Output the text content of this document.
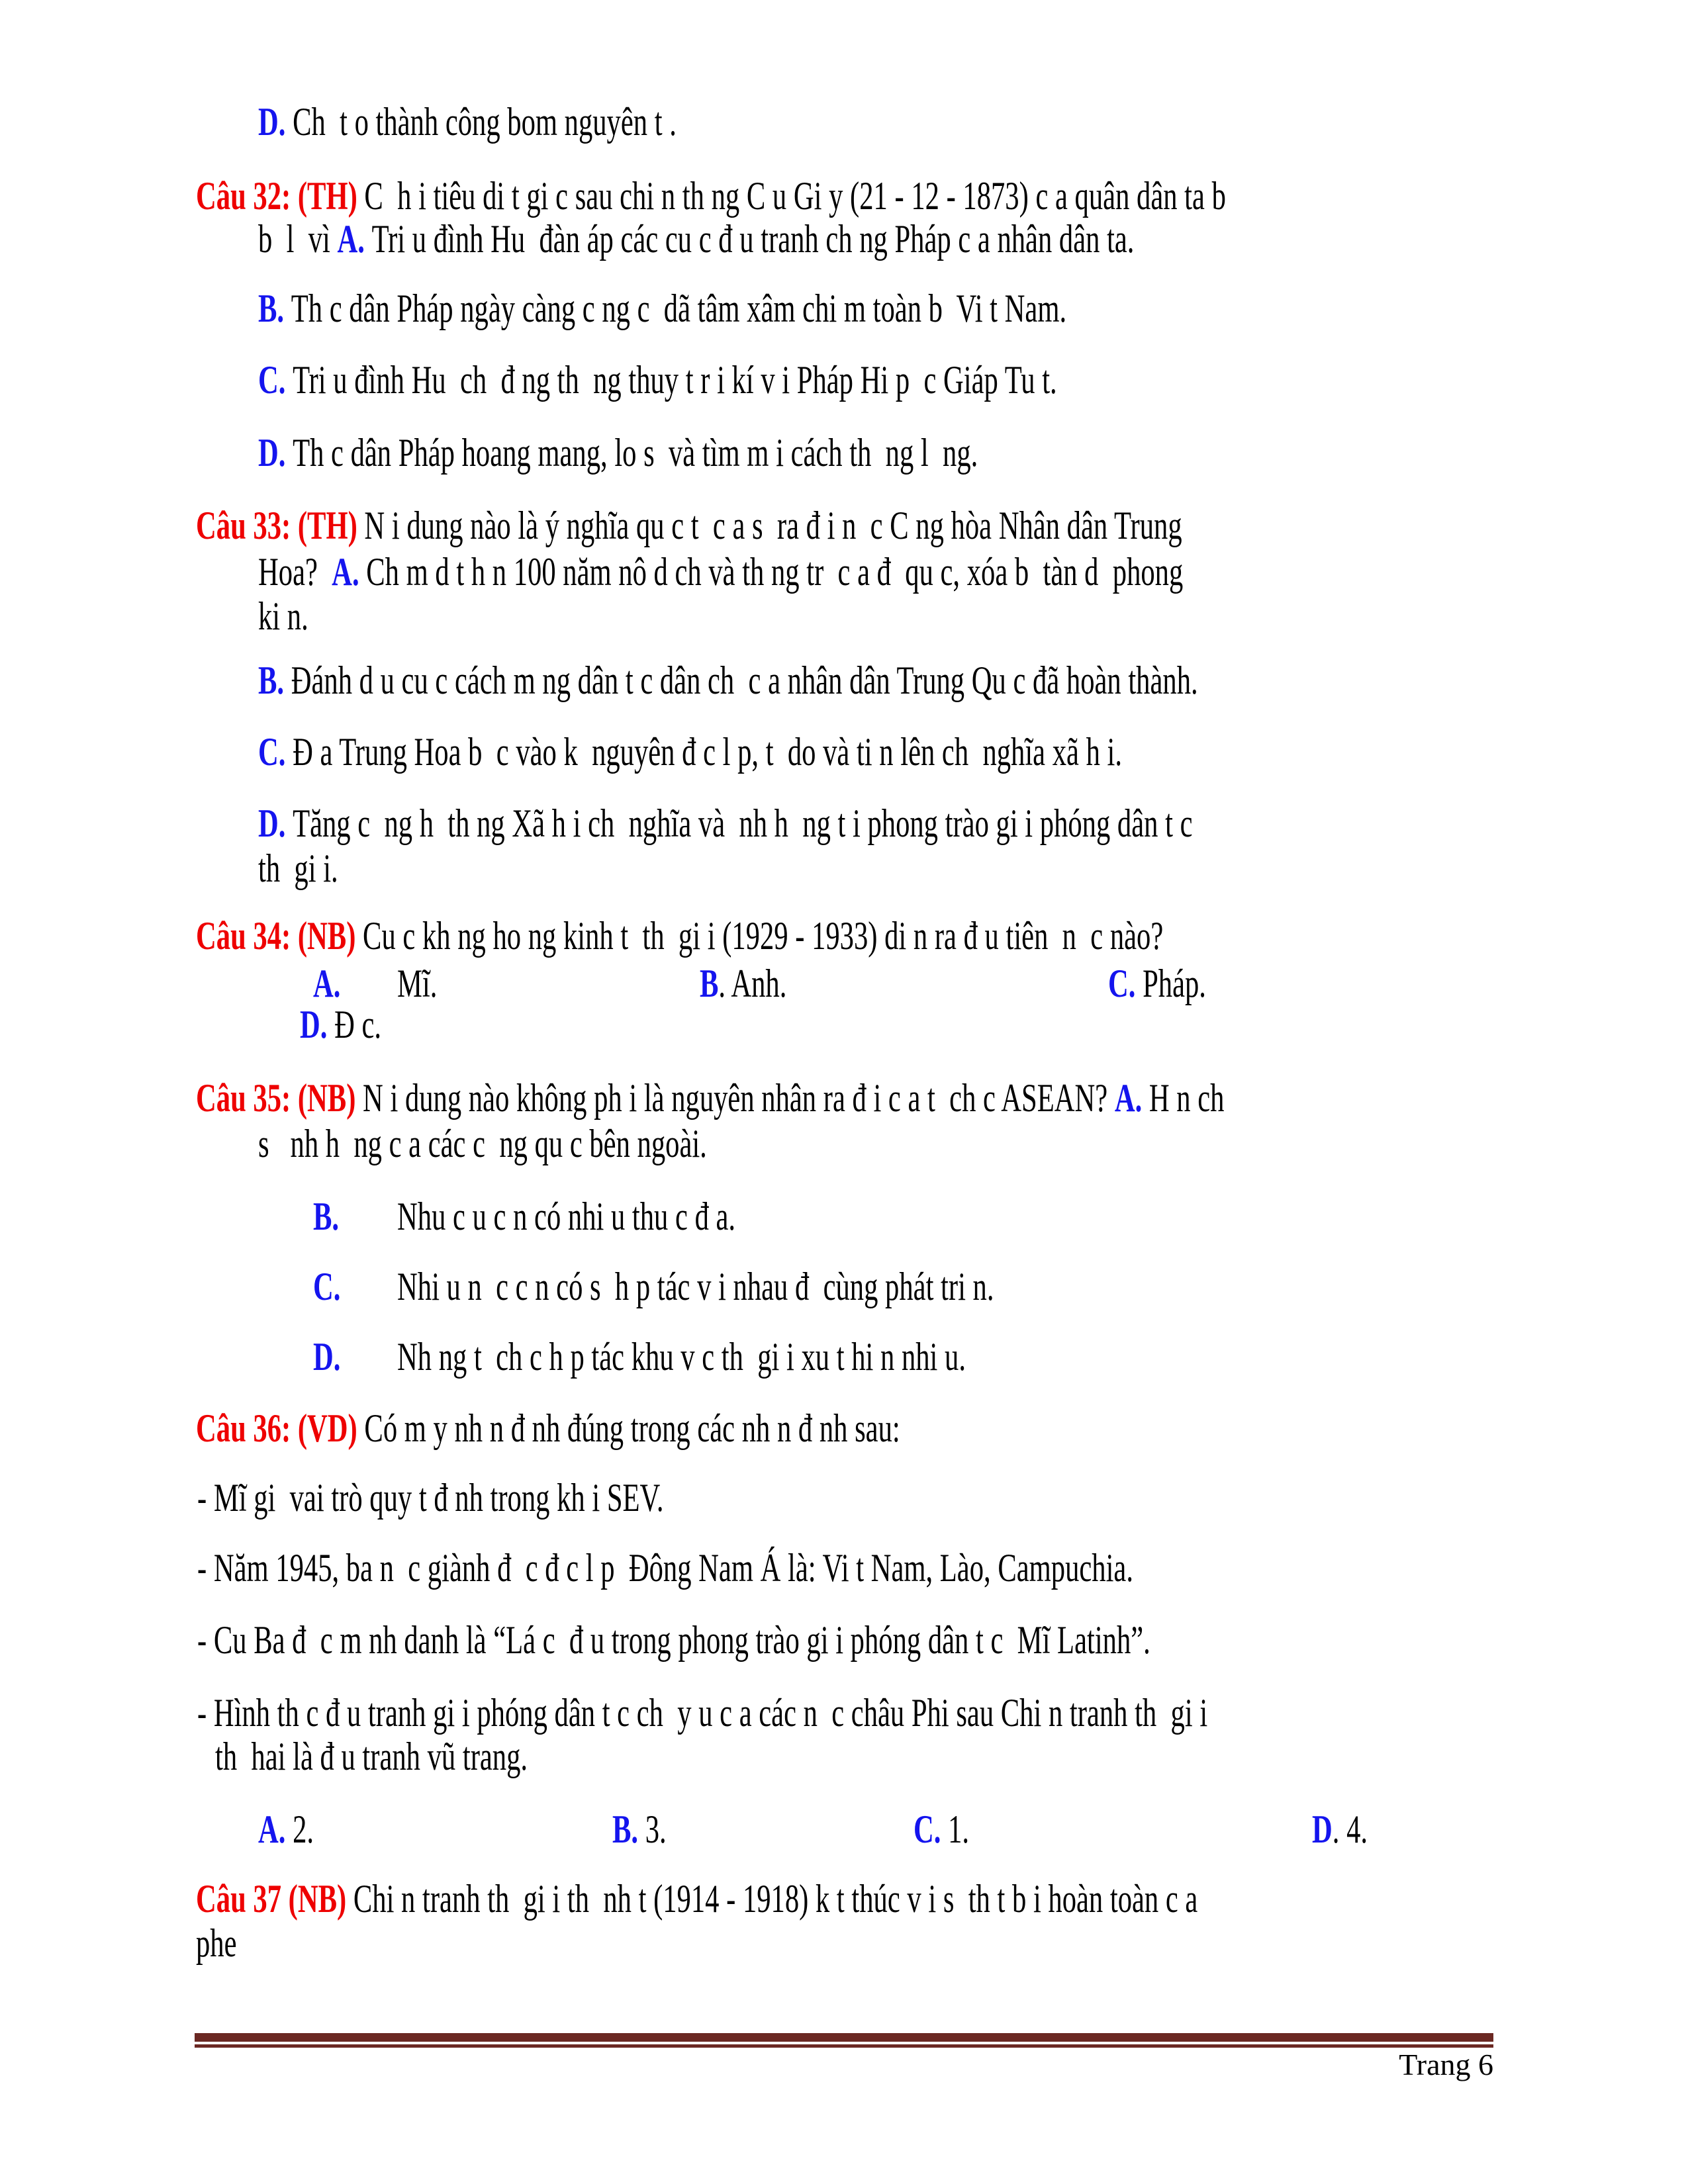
D. Ch  t o thành công bom nguyên t .
Câu 32: (TH) C  h i tiêu di t gi c sau chi n th ng C u Gi y (21 - 12 - 1873) c a quân dân ta b
b  l  vì A. Tri u đình Hu  đàn áp các cu c đ u tranh ch ng Pháp c a nhân dân ta.
B. Th c dân Pháp ngày càng c ng c  dã tâm xâm chi m toàn b  Vi t Nam.
C. Tri u đình Hu  ch  đ ng th  ng thuy t r i kí v i Pháp Hi p  c Giáp Tu t.
D. Th c dân Pháp hoang mang, lo s  và tìm m i cách th  ng l  ng.
Câu 33: (TH) N i dung nào là ý nghĩa qu c t  c a s  ra đ i n  c C ng hòa Nhân dân Trung
Hoa?  A. Ch m d t h n 100 năm nô d ch và th ng tr  c a đ  qu c, xóa b  tàn d  phong
ki n.
B. Đánh d u cu c cách m ng dân t c dân ch  c a nhân dân Trung Qu c đã hoàn thành.
C. Đ a Trung Hoa b  c vào k  nguyên đ c l p, t  do và ti n lên ch  nghĩa xã h i.
D. Tăng c  ng h  th ng Xã h i ch  nghĩa và  nh h  ng t i phong trào gi i phóng dân t c
th  gi i.
Câu 34: (NB) Cu c kh ng ho ng kinh t  th  gi i (1929 - 1933) di n ra đ u tiên  n  c nào?
A. Mĩ.	B. Anh.	C. Pháp.
D. Đ c.
Câu 35: (NB) N i dung nào không ph i là nguyên nhân ra đ i c a t  ch c ASEAN? A. H n ch
s   nh h  ng c a các c  ng qu c bên ngoài.
B. Nhu c u c n có nhi u thu c đ a.
C. Nhi u n  c c n có s  h p tác v i nhau đ  cùng phát tri n.
D. Nh ng t  ch c h p tác khu v c th  gi i xu t hi n nhi u.
Câu 36: (VD) Có m y nh n đ nh đúng trong các nh n đ nh sau:
- Mĩ gi  vai trò quy t đ nh trong kh i SEV.
- Năm 1945, ba n  c giành đ  c đ c l p  Đông Nam Á là: Vi t Nam, Lào, Campuchia.
- Cu Ba đ  c m nh danh là “Lá c  đ u trong phong trào gi i phóng dân t c  Mĩ Latinh”.
- Hình th c đ u tranh gi i phóng dân t c ch  y u c a các n  c châu Phi sau Chi n tranh th  gi i
th  hai là đ u tranh vũ trang.
A. 2.	B. 3.	C. 1.	D. 4.
Câu 37 (NB) Chi n tranh th  gi i th  nh t (1914 - 1918) k t thúc v i s  th t b i hoàn toàn c a
phe
Trang 6
